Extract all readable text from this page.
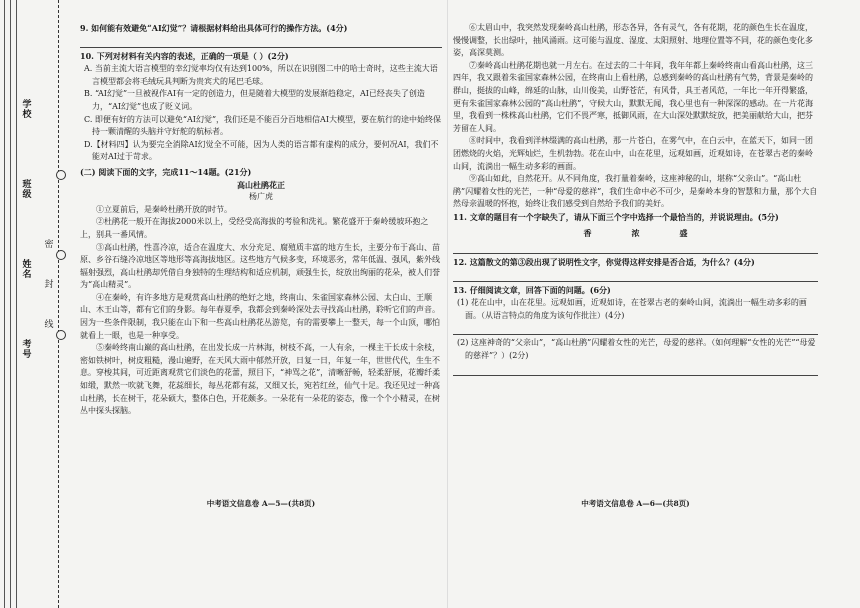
学校
班级
姓名
考号
密
封
线
9. 如何能有效避免“AI幻觉”？请根据材料给出具体可行的操作方法。(4分)
10. 下列对材料有关内容的表述，正确的一项是（ ）(2分)

A. 当前主流大语言模型的幸幻觉率均仅有达到100%，所以在识别图二中的哈士奇时，这些主流大语言模型都会将毛绒玩具判断为贵宾犬的尾巴毛球。

B. “AI幻觉”一旦被视作AI有一定的创造力，但是随着大模型的发展渐趋稳定，AI已经丧失了创造力，“AI幻觉”也成了贬义词。

C. 即便有好的方法可以避免“AI幻觉”，我们还是不能百分百地相信AI大模型，要在航行的途中始终保持一颗清醒的头脑并守好舵的航标者。

D.【材料四】认为要完全消除AI幻觉全不可能，因为人类的语言都有虚构的成分，要何况AI，我们不能对AI过于苛求。

(二) 阅读下面的文字，完成11～14题。(21分)
高山杜鹃花正
杨广虎

①立夏前后，是秦岭杜鹃开放的时节。

②杜鹃花一般开在海拔2000米以上，受经受高海拔的考验和洗礼。繁花盛开于秦岭缓坡环抱之上，别具一番风情。

③高山杜鹃，性喜冷凉，适合在温度大、水分充足、腐殖质丰富的地方生长，主要分布于高山、苗原、乡谷石缝冷凉地区等地形等高海拔地区。这些地方气候多变，环境恶劣，常年低温、强风，紫外线辐射强烈，高山杜鹃却凭借自身独特的生理结构和适应机制，顽强生长，绽放出绚丽的花朵，被人们誉为“高山精灵”。

④在秦岭，有许多地方是观赏高山杜鹃的绝好之地，终南山、朱雀国家森林公园、太白山、王顺山、木王山等，都有它们的身影。每年春夏季，我都会到秦岭深处去寻找高山杜鹃，聆听它们的声音。因为一些条件限制，我只能在山下和一些高山杜鹃花丛游览，有的需要攀上一整天，每一个山顶，哪怕就看上一眼，也是一种享受。

⑤秦岭终南山巅的高山杜鹃，在出发长成一片林海，树枝不高，一人有余，一棵主干长成十余枝，密如铁树叶，树皮粗糙，漫山遍野，在天风大雨中郁然开放，日复一日，年复一年，世世代代，生生不息。穿梭其间，可近距离观赏它们淡色的花蕾，照目下，“神骂之花”，清晰舒畅，轻柔舒展，花瓣纤柔如缎，默然一吹就飞舞，花蕊细长，每丛花都有蕊，又细又长，宛若红丝，仙气十足。我还见过一种高山杜鹃，长在树干，花朵硕大，整体白色，开花颇多。一朵花有一朵花的姿态，像一个个小精灵，在树丛中探头探脑。

中考语文信息卷 A—5—(共8页)

⑥太眉山中，我突然发现秦岭高山杜鹃，形态各异，各有灵气，各有花期，花的颜色生长在温度，慢慢调整，长出绿叶，抽风涌雨。这可能与温度、湿度、太阳照射、地理位置等不同，花的颜色变化多姿，高深莫测。

⑦秦岭高山杜鹃花期也就一月左右。在过去的二十年间，我年年都上秦岭终南山看高山杜鹃，这三四年，我又跟着朱雀国家森林公园，在终南山上看杜鹃，总感到秦岭的高山杜鹃有气势，背景是秦岭的群山，挺拔的山峰，绵延的山脉，山川俊美，山野苍茫，有风骨，具王者风范，一年比一年开得繁盛，更有朱雀国家森林公园的“高山杜鹃”，守候大山，默默无闻，我心里也有一种深深的感动。在一片花海里，我看到一株株高山杜鹃，它们不畏严寒，抵御风雨，在大山深处默默绽放，把美丽献给大山，把芬芳留在人间。

⑧时间中，我看到洋林缀满的高山杜鹃，那一片苍白，在雾气中，在白云中，在蓝天下，如同一团团燃烧的火焰，光辉灿烂，生机勃勃。花在山中，山在花里，远观如画，近观如诗，在苍翠古老的秦岭山间，流淌出一幅生动多彩的画面。

⑨高山如此，自然花开。从不同角度，我打量着秦岭，这座神秘的山，堪称“父亲山”。“高山杜鹃”闪耀着女性的光芒，一种“母爱的慈祥”，我们生命中必不可少，是秦岭本身的智慧和力量，那个大自然母亲温暖的怀抱，始终让我们感受到自然给予我们的美好。

11. 文章的题目有一个字缺失了，请从下面三个字中选择一个最恰当的，并说说理由。(5分)
香	浓	盛
12. 这篇散文的第③段出现了说明性文字，你觉得这样安排是否合适，为什么？(4分)
13. 仔细阅读文章，回答下面的问题。(6分)

(1) 花在山中，山在花里。远观如画，近观如诗，在苍翠古老的秦岭山间，流淌出一幅生动多彩的画面。（从语言特点的角度为该句作批注）(4分)

(2) 这座神奇的“父亲山”，“高山杜鹃”闪耀着女性的光芒，母爱的慈祥。（如何理解“女性的光芒”“母爱的慈祥”？）(2分)

中考语文信息卷 A—6—(共8页)
